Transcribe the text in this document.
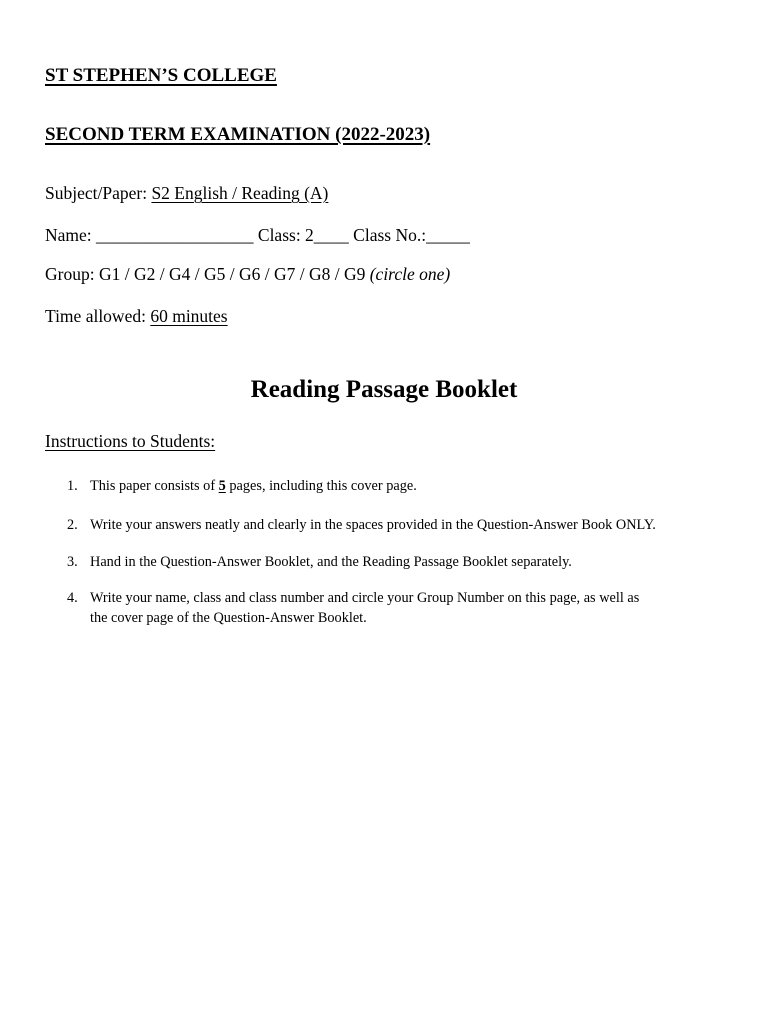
ST STEPHEN’S COLLEGE
SECOND TERM EXAMINATION (2022-2023)
Subject/Paper: S2 English / Reading (A)
Name: __________________ Class: 2____ Class No.:_____
Group: G1 / G2 / G4 / G5 / G6 / G7 / G8 / G9 (circle one)
Time allowed: 60 minutes
Reading Passage Booklet
Instructions to Students:
1. This paper consists of 5 pages, including this cover page.
2. Write your answers neatly and clearly in the spaces provided in the Question-Answer Book ONLY.
3. Hand in the Question-Answer Booklet, and the Reading Passage Booklet separately.
4. Write your name, class and class number and circle your Group Number on this page, as well as
the cover page of the Question-Answer Booklet.
